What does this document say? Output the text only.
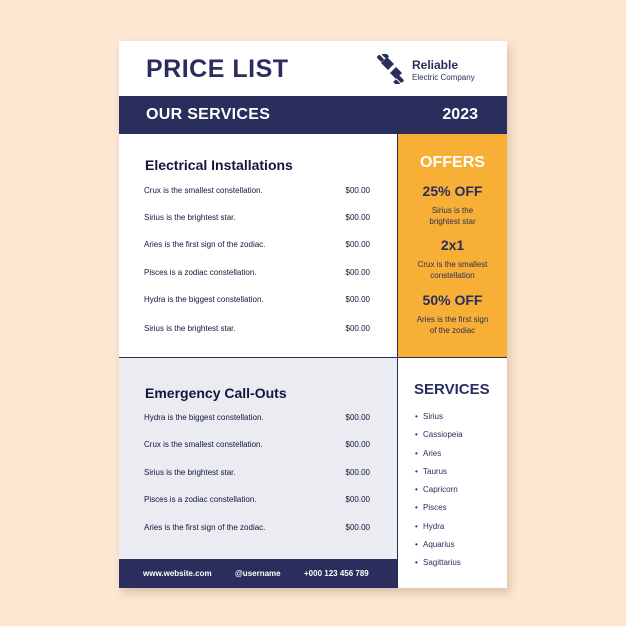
PRICE LIST	Reliable
Electric Company
OUR SERVICES	2023
Electrical Installations
Crux is the smallest constellation.	$00.00
Sirius is the brightest star.	$00.00
Aries is the first sign of the zodiac.	$00.00
Pisces is a zodiac constellation.	$00.00
Hydra is the biggest constellation.	$00.00
Sirius is the brightest star.	$00.00
OFFERS
25% OFF
Sirius is the
brightest star
2x1
Crux is the smallest
constellation
50% OFF
Aries is the first sign
of the zodiac
Emergency Call-Outs
Hydra is the biggest constellation.	$00.00
Crux is the smallest constellation.	$00.00
Sirius is the brightest star.	$00.00
Pisces is a zodiac constellation.	$00.00
Aries is the first sign of the zodiac.	$00.00
SERVICES
• Sirius
• Cassiopeia
• Aries
• Taurus
• Capricorn
• Pisces
• Hydra
• Aquarius
• Sagittarius
www.website.com	@username	+000 123 456 789
